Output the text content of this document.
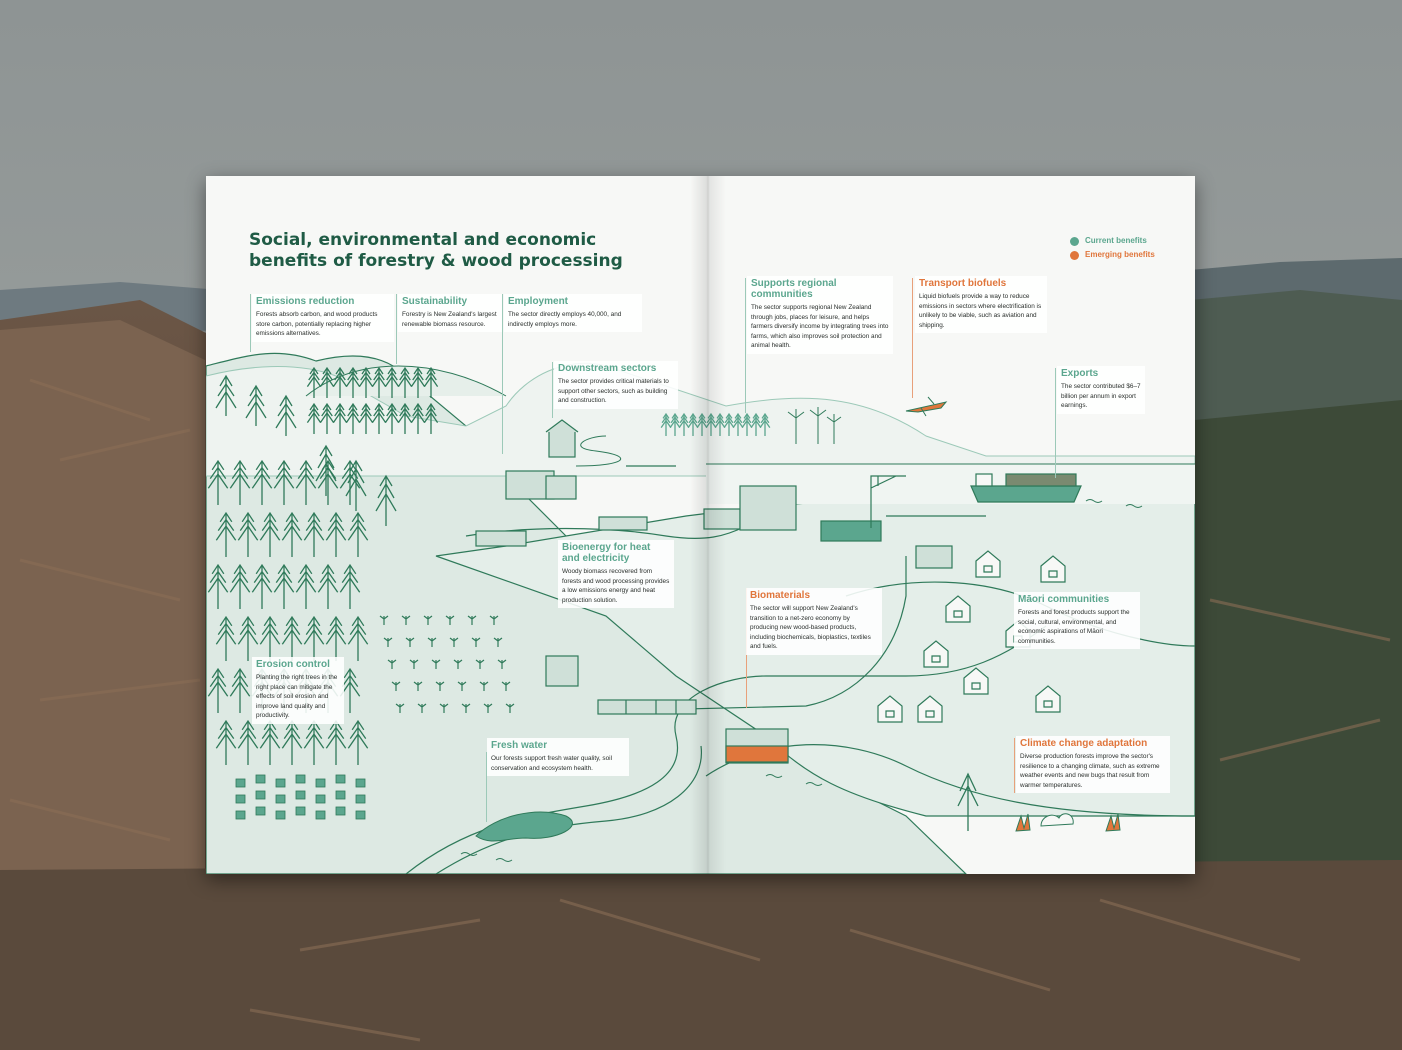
Social, environmental and economic benefits of forestry & wood processing
Current benefits
Emerging benefits
Emissions reduction

Forests absorb carbon, and wood products store carbon, potentially replacing higher emissions alternatives.

Sustainability

Forestry is New Zealand's largest renewable biomass resource.

Employment

The sector directly employs 40,000, and indirectly employs more.

Downstream sectors

The sector provides critical materials to support other sectors, such as building and construction.

Bioenergy for heat and electricity

Woody biomass recovered from forests and wood processing provides a low emissions energy and heat production solution.

Erosion control

Planting the right trees in the right place can mitigate the effects of soil erosion and improve land quality and productivity.

Fresh water

Our forests support fresh water quality, soil conservation and ecosystem health.

Supports regional communities

The sector supports regional New Zealand through jobs, places for leisure, and helps farmers diversify income by integrating trees into farms, which also improves soil protection and animal health.

Transport biofuels

Liquid biofuels provide a way to reduce emissions in sectors where electrification is unlikely to be viable, such as aviation and shipping.

Exports

The sector contributed $6–7 billion per annum in export earnings.

Biomaterials

The sector will support New Zealand's transition to a net-zero economy by producing new wood-based products, including biochemicals, bioplastics, textiles and fuels.

Māori communities

Forests and forest products support the social, cultural, environmental, and economic aspirations of Māori communities.

Climate change adaptation

Diverse production forests improve the sector's resilience to a changing climate, such as extreme weather events and new bugs that result from warmer temperatures.
